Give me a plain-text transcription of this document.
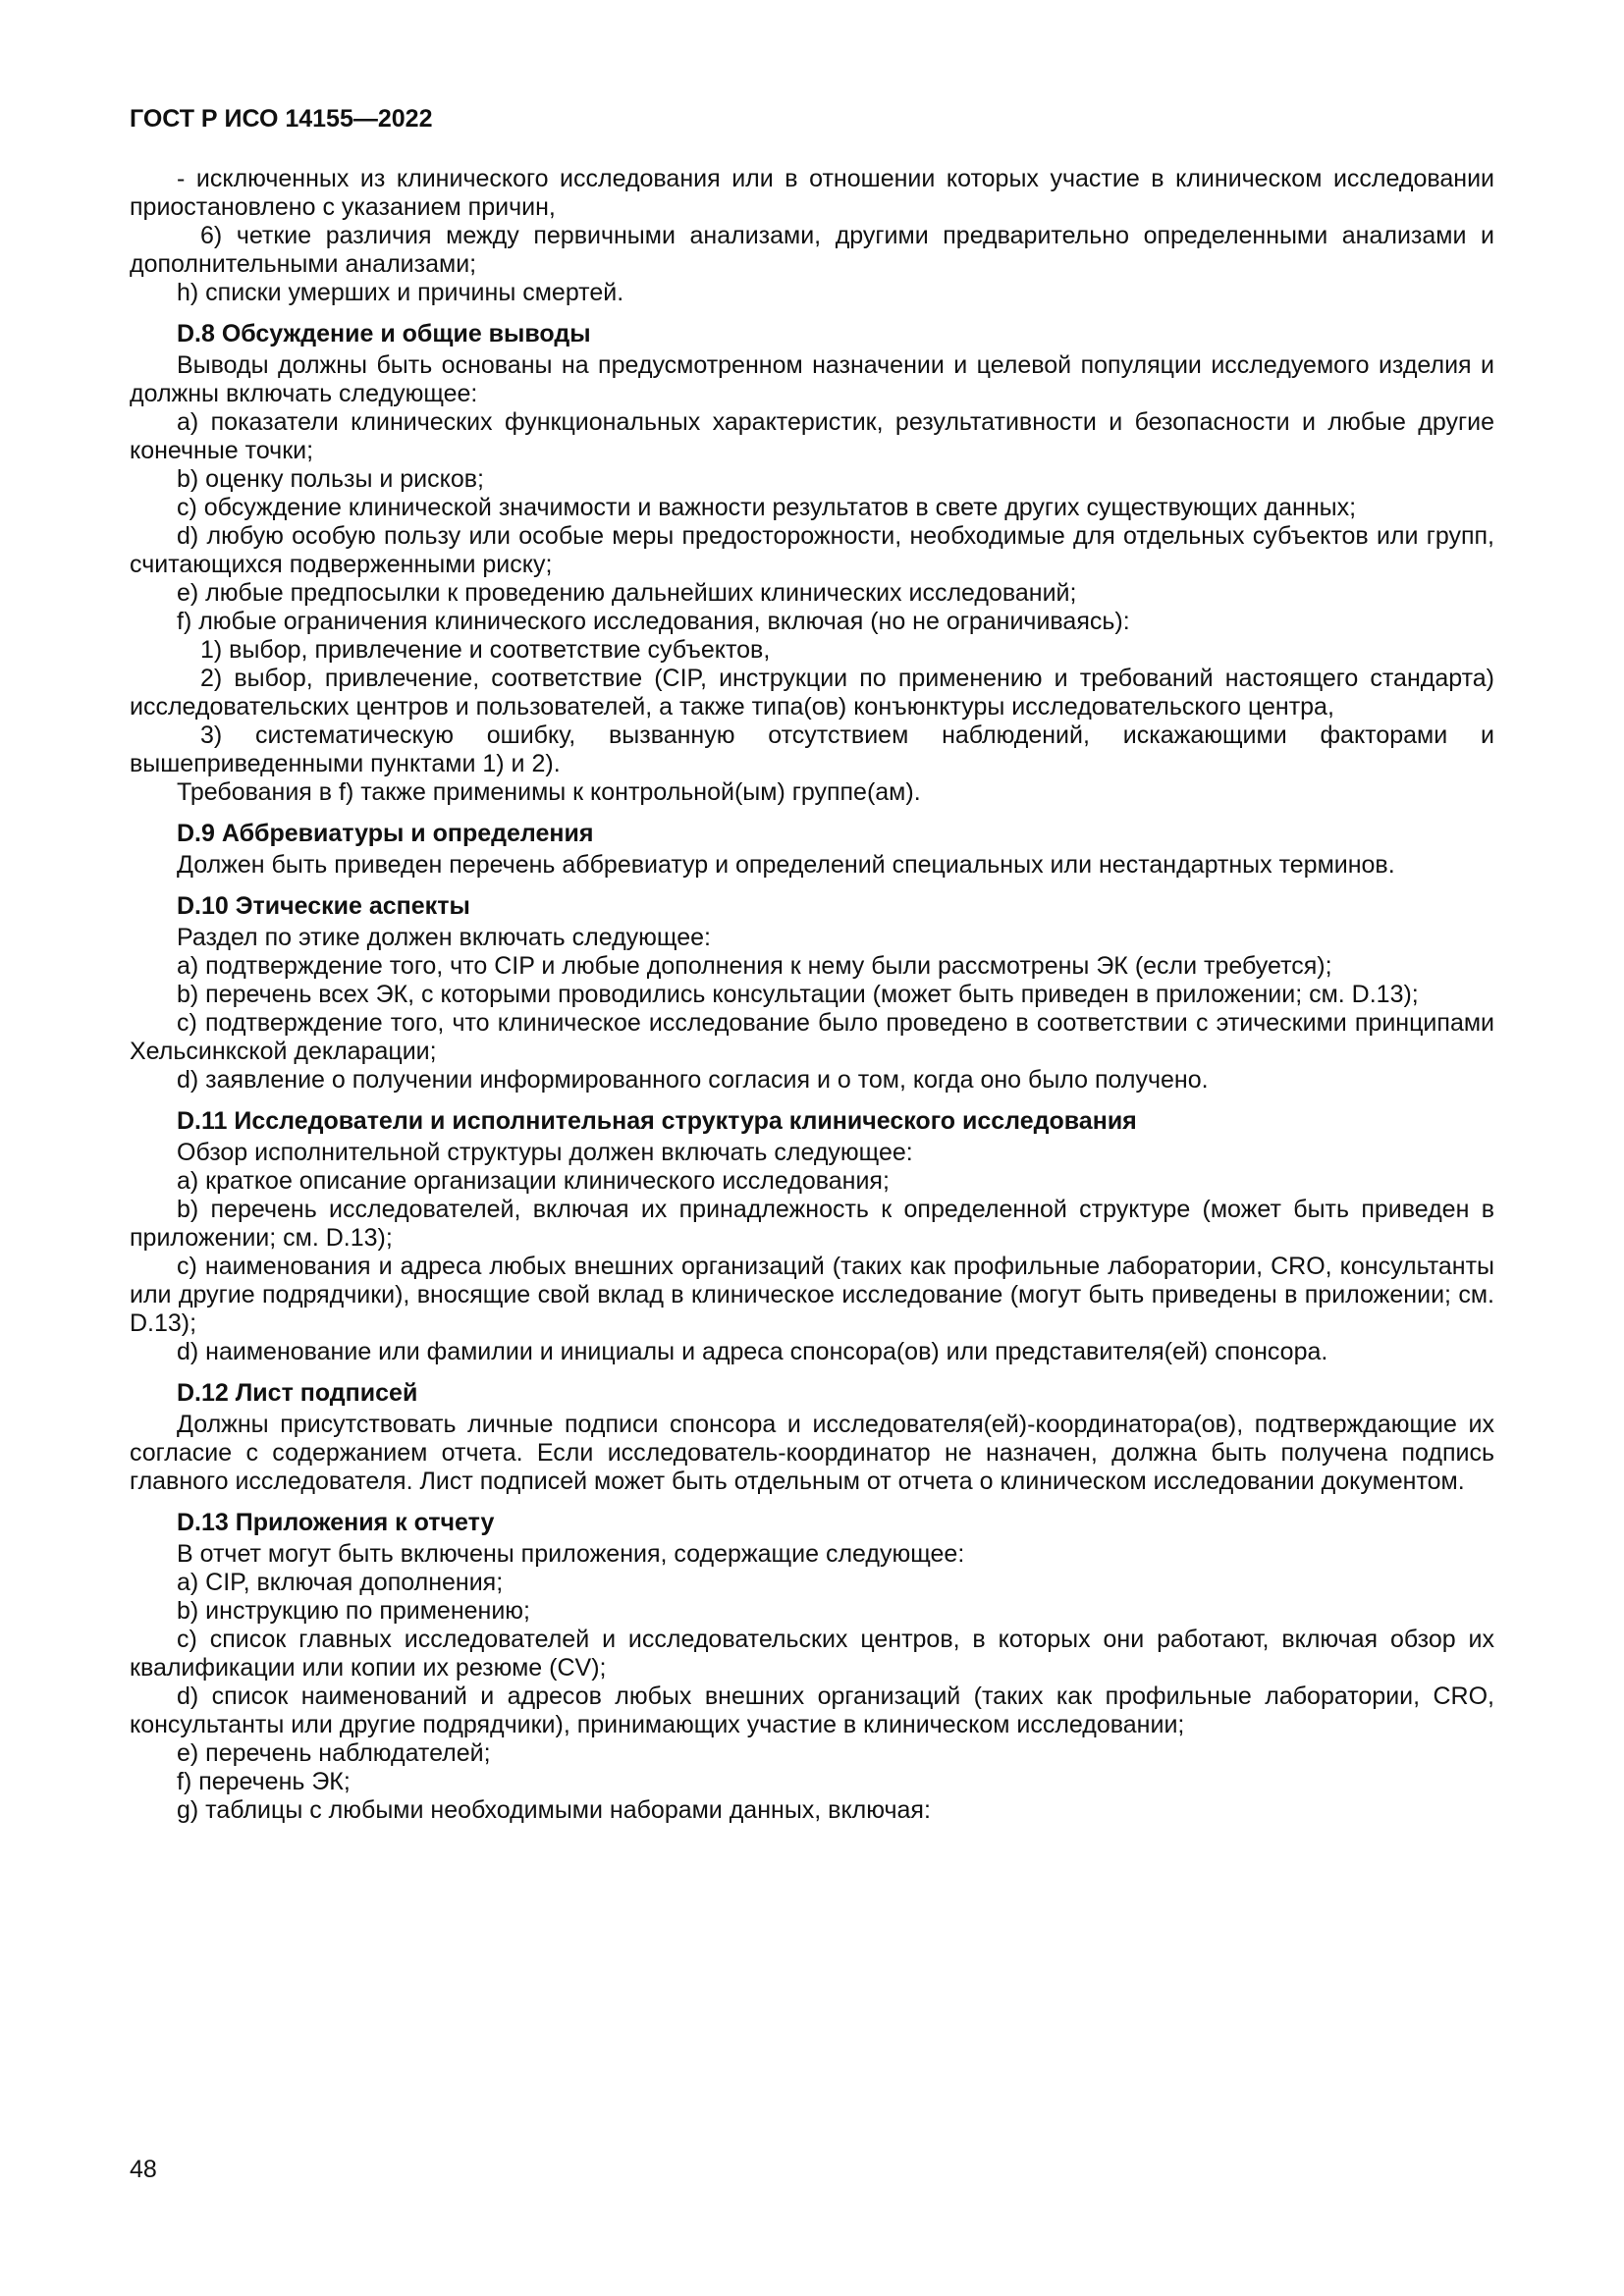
ГОСТ Р ИСО 14155—2022

- исключенных из клинического исследования или в отношении которых участие в клиническом исследовании приостановлено с указанием причин,

6) четкие различия между первичными анализами, другими предварительно определенными анализами и дополнительными анализами;

h) списки умерших и причины смертей.

D.8 Обсуждение и общие выводы

Выводы должны быть основаны на предусмотренном назначении и целевой популяции исследуемого изделия и должны включать следующее:

a) показатели клинических функциональных характеристик, результативности и безопасности и любые другие конечные точки;

b) оценку пользы и рисков;

c) обсуждение клинической значимости и важности результатов в свете других существующих данных;

d) любую особую пользу или особые меры предосторожности, необходимые для отдельных субъектов или групп, считающихся подверженными риску;

e) любые предпосылки к проведению дальнейших клинических исследований;

f) любые ограничения клинического исследования, включая (но не ограничиваясь):

1) выбор, привлечение и соответствие субъектов,

2) выбор, привлечение, соответствие (CIP, инструкции по применению и требований настоящего стандарта) исследовательских центров и пользователей, а также типа(ов) конъюнктуры исследовательского центра,

3) систематическую ошибку, вызванную отсутствием наблюдений, искажающими факторами и вышеприведенными пунктами 1) и 2).

Требования в f) также применимы к контрольной(ым) группе(ам).

D.9 Аббревиатуры и определения

Должен быть приведен перечень аббревиатур и определений специальных или нестандартных терминов.

D.10 Этические аспекты

Раздел по этике должен включать следующее:

a) подтверждение того, что CIP и любые дополнения к нему были рассмотрены ЭК (если требуется);

b) перечень всех ЭК, с которыми проводились консультации (может быть приведен в приложении; см. D.13);

c) подтверждение того, что клиническое исследование было проведено в соответствии с этическими принципами Хельсинкской декларации;

d) заявление о получении информированного согласия и о том, когда оно было получено.

D.11 Исследователи и исполнительная структура клинического исследования

Обзор исполнительной структуры должен включать следующее:

a) краткое описание организации клинического исследования;

b) перечень исследователей, включая их принадлежность к определенной структуре (может быть приведен в приложении; см. D.13);

c) наименования и адреса любых внешних организаций (таких как профильные лаборатории, CRO, консультанты или другие подрядчики), вносящие свой вклад в клиническое исследование (могут быть приведены в приложении; см. D.13);

d) наименование или фамилии и инициалы и адреса спонсора(ов) или представителя(ей) спонсора.

D.12 Лист подписей

Должны присутствовать личные подписи спонсора и исследователя(ей)-координатора(ов), подтверждающие их согласие с содержанием отчета. Если исследователь-координатор не назначен, должна быть получена подпись главного исследователя. Лист подписей может быть отдельным от отчета о клиническом исследовании документом.

D.13 Приложения к отчету

В отчет могут быть включены приложения, содержащие следующее:

a) CIP, включая дополнения;

b) инструкцию по применению;

c) список главных исследователей и исследовательских центров, в которых они работают, включая обзор их квалификации или копии их резюме (CV);

d) список наименований и адресов любых внешних организаций (таких как профильные лаборатории, CRO, консультанты или другие подрядчики), принимающих участие в клиническом исследовании;

e) перечень наблюдателей;

f) перечень ЭК;

g) таблицы с любыми необходимыми наборами данных, включая:

48
